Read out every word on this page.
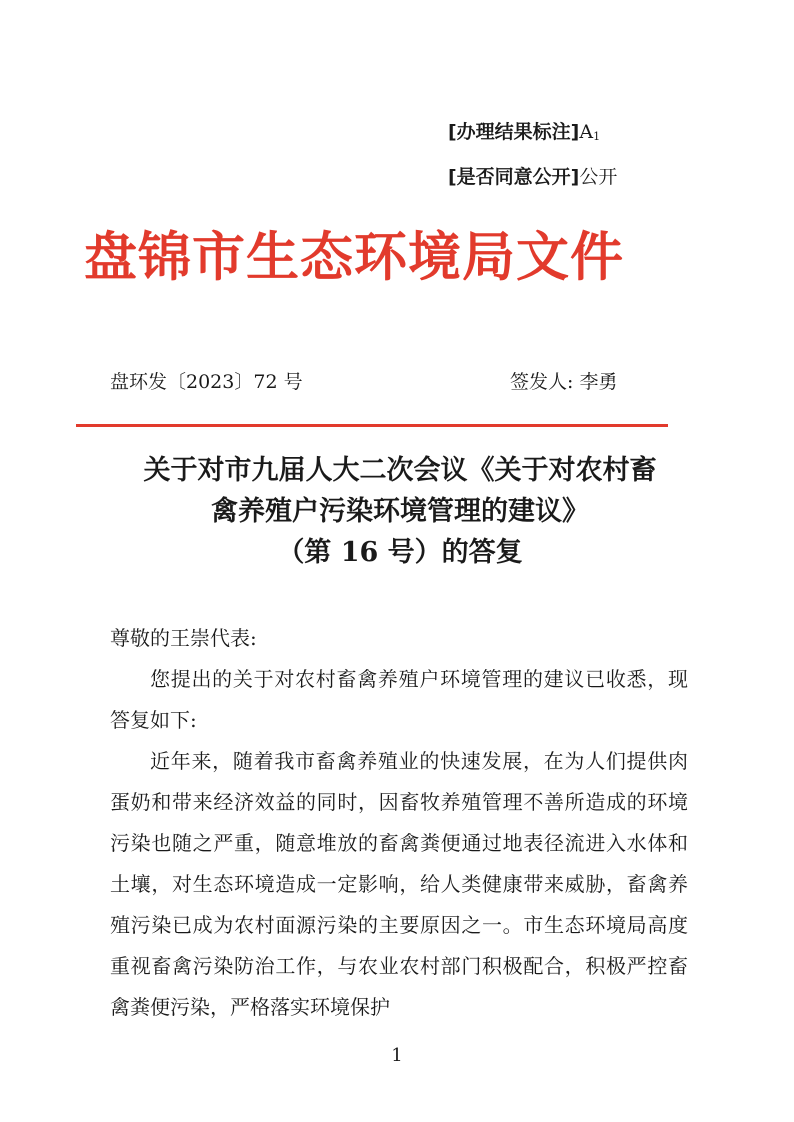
[办理结果标注]A1
[是否同意公开]公开
盘锦市生态环境局文件
盘环发〔2023〕72 号	签发人: 李勇
关于对市九届人大二次会议《关于对农村畜
禽养殖户污染环境管理的建议》
（第 16 号）的答复

尊敬的王崇代表:

您提出的关于对农村畜禽养殖户环境管理的建议已收悉，现答复如下:

近年来，随着我市畜禽养殖业的快速发展，在为人们提供肉蛋奶和带来经济效益的同时，因畜牧养殖管理不善所造成的环境污染也随之严重，随意堆放的畜禽粪便通过地表径流进入水体和土壤，对生态环境造成一定影响，给人类健康带来威胁，畜禽养殖污染已成为农村面源污染的主要原因之一。市生态环境局高度重视畜禽污染防治工作，与农业农村部门积极配合，积极严控畜禽粪便污染，严格落实环境保护

1
